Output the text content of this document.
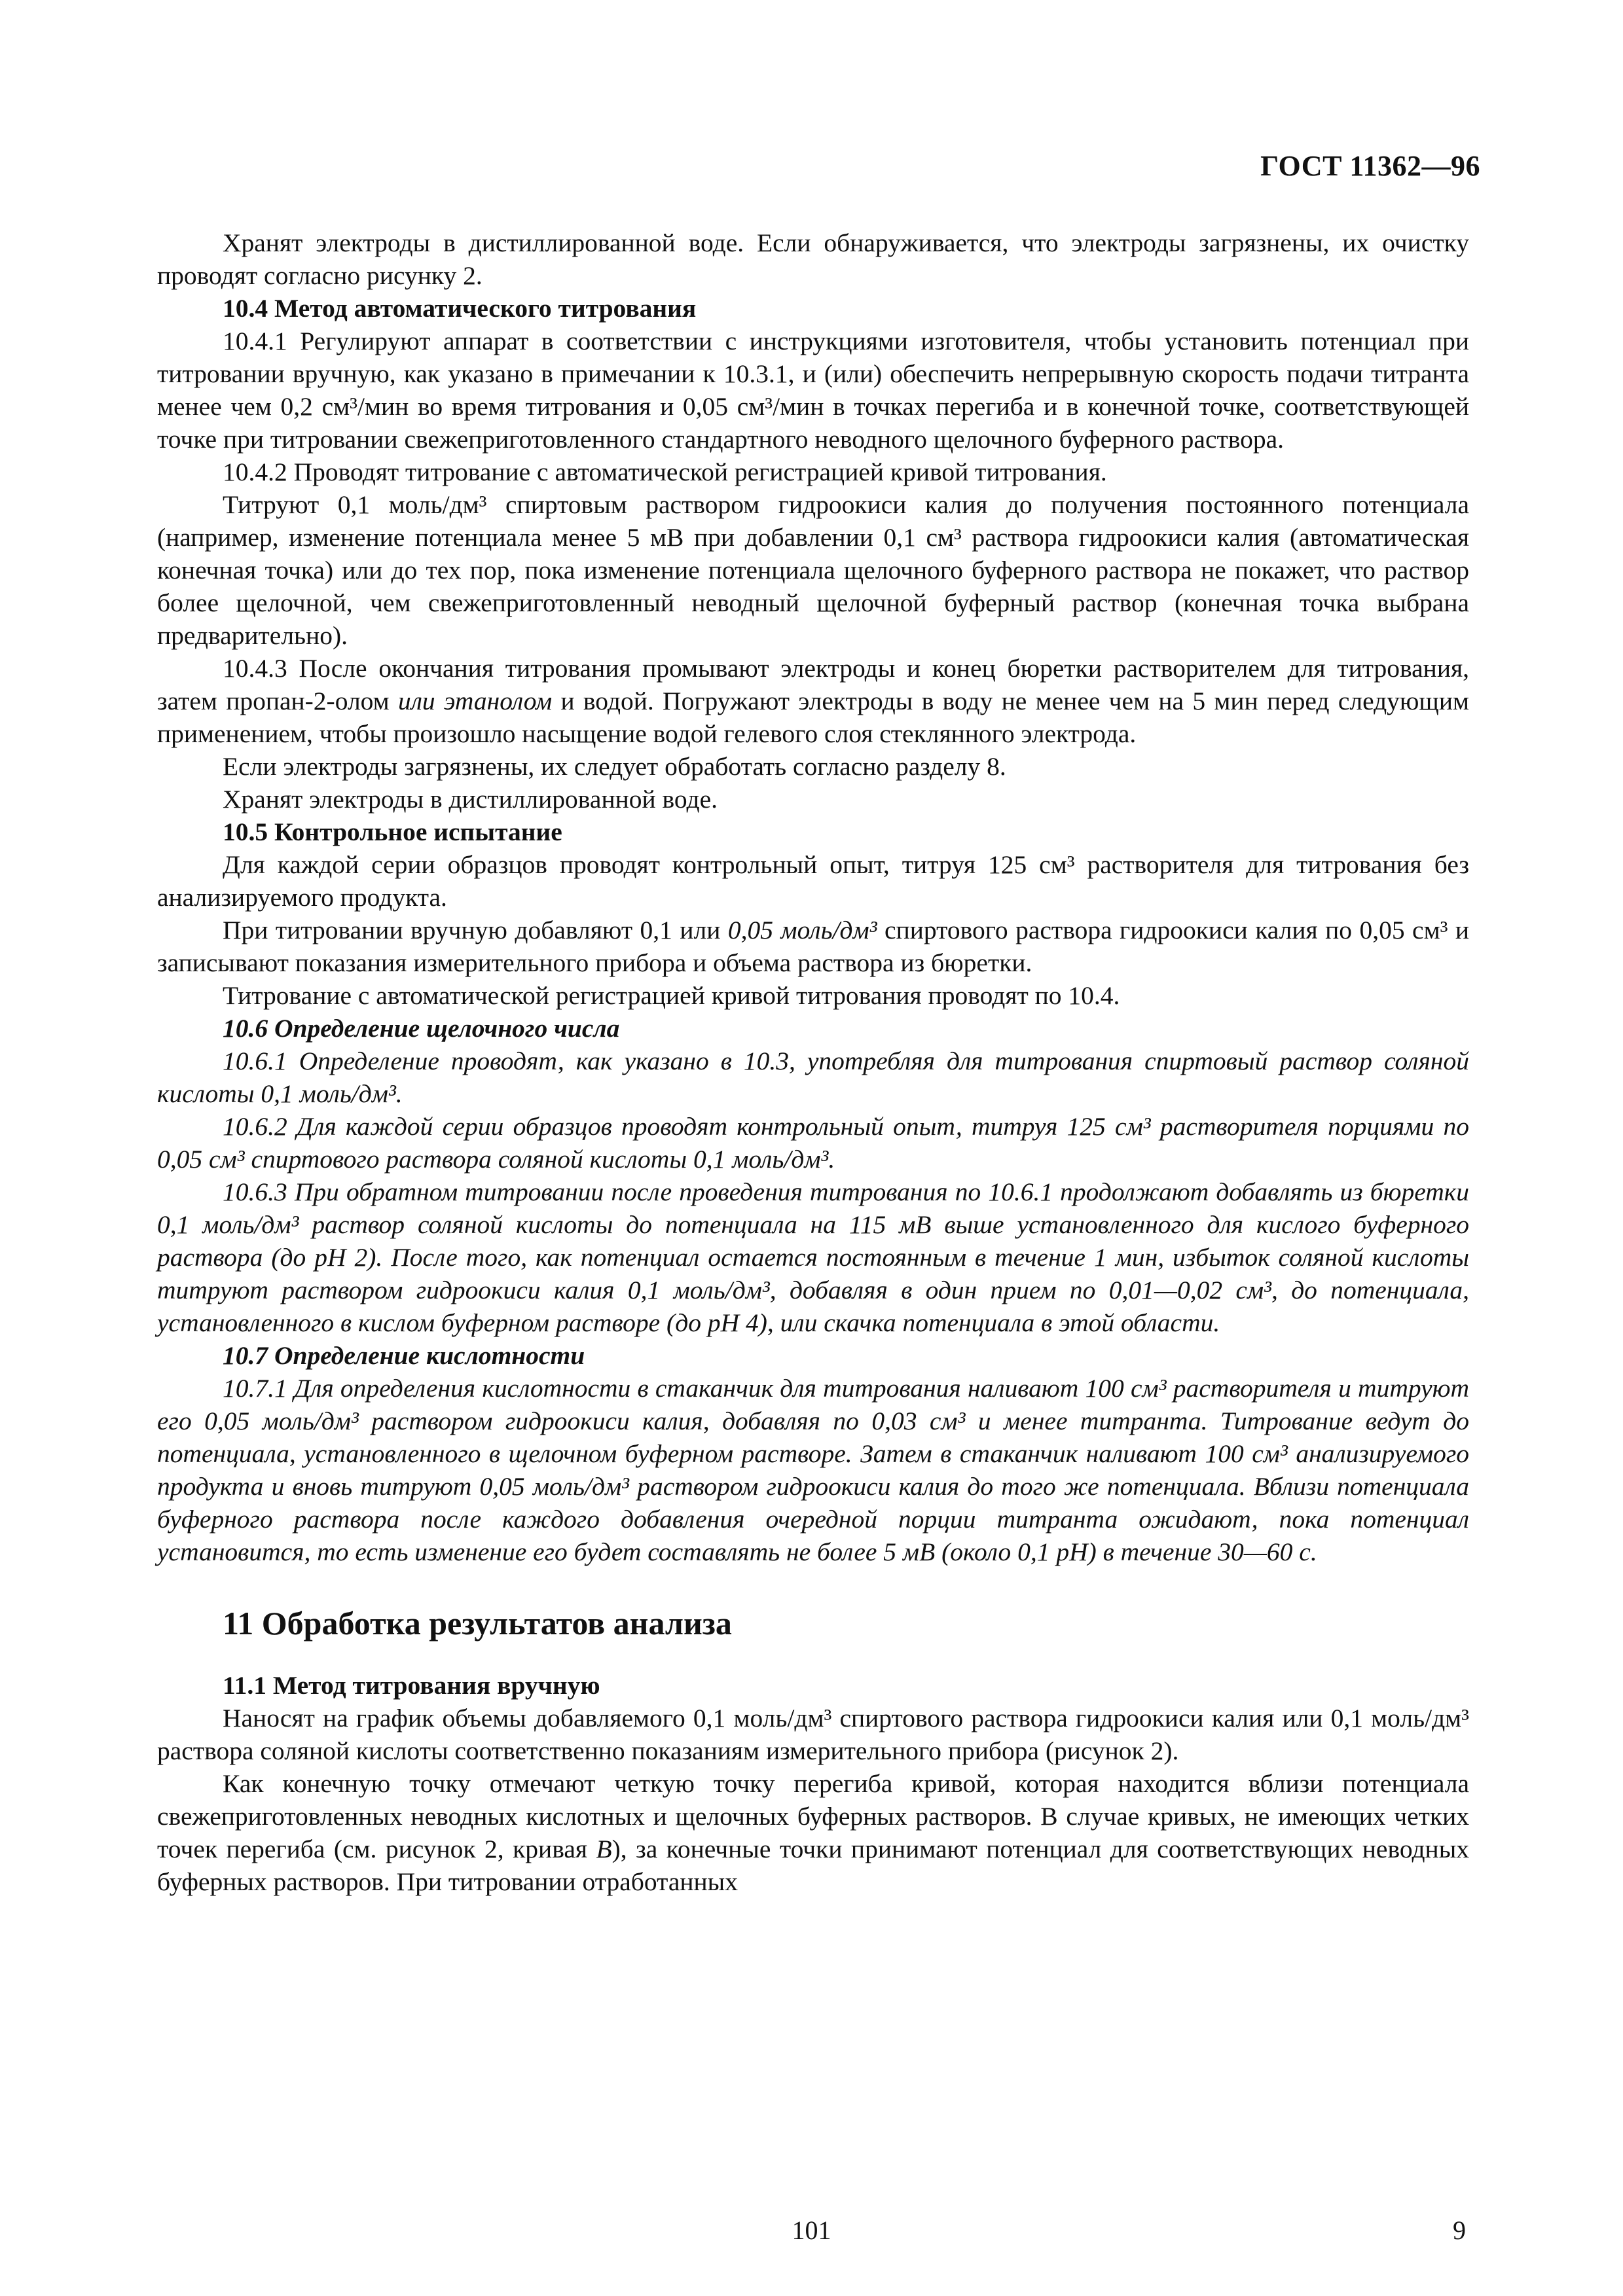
ГОСТ 11362—96

Хранят электроды в дистиллированной воде. Если обнаруживается, что электроды загрязнены, их очистку проводят согласно рисунку 2.

10.4 Метод автоматического титрования

10.4.1 Регулируют аппарат в соответствии с инструкциями изготовителя, чтобы установить потенциал при титровании вручную, как указано в примечании к 10.3.1, и (или) обеспечить непрерывную скорость подачи титранта менее чем 0,2 см³/мин во время титрования и 0,05 см³/мин в точках перегиба и в конечной точке, соответствующей точке при титровании свежеприготовленного стандартного неводного щелочного буферного раствора.

10.4.2 Проводят титрование с автоматической регистрацией кривой титрования.

Титруют 0,1 моль/дм³ спиртовым раствором гидроокиси калия до получения постоянного потенциала (например, изменение потенциала менее 5 мВ при добавлении 0,1 см³ раствора гидроокиси калия (автоматическая конечная точка) или до тех пор, пока изменение потенциала щелочного буферного раствора не покажет, что раствор более щелочной, чем свежеприготовленный неводный щелочной буферный раствор (конечная точка выбрана предварительно).

10.4.3 После окончания титрования промывают электроды и конец бюретки растворителем для титрования, затем пропан-2-олом или этанолом и водой. Погружают электроды в воду не менее чем на 5 мин перед следующим применением, чтобы произошло насыщение водой гелевого слоя стеклянного электрода.

Если электроды загрязнены, их следует обработать согласно разделу 8.

Хранят электроды в дистиллированной воде.

10.5 Контрольное испытание

Для каждой серии образцов проводят контрольный опыт, титруя 125 см³ растворителя для титрования без анализируемого продукта.

При титровании вручную добавляют 0,1 или 0,05 моль/дм³ спиртового раствора гидроокиси калия по 0,05 см³ и записывают показания измерительного прибора и объема раствора из бюретки.

Титрование с автоматической регистрацией кривой титрования проводят по 10.4.

10.6 Определение щелочного числа

10.6.1 Определение проводят, как указано в 10.3, употребляя для титрования спиртовый раствор соляной кислоты 0,1 моль/дм³.

10.6.2 Для каждой серии образцов проводят контрольный опыт, титруя 125 см³ растворителя порциями по 0,05 см³ спиртового раствора соляной кислоты 0,1 моль/дм³.

10.6.3 При обратном титровании после проведения титрования по 10.6.1 продолжают добавлять из бюретки 0,1 моль/дм³ раствор соляной кислоты до потенциала на 115 мВ выше установленного для кислого буферного раствора (до рН 2). После того, как потенциал остается постоянным в течение 1 мин, избыток соляной кислоты титруют раствором гидроокиси калия 0,1 моль/дм³, добавляя в один прием по 0,01—0,02 см³, до потенциала, установленного в кислом буферном растворе (до рН 4), или скачка потенциала в этой области.

10.7 Определение кислотности

10.7.1 Для определения кислотности в стаканчик для титрования наливают 100 см³ растворителя и титруют его 0,05 моль/дм³ раствором гидроокиси калия, добавляя по 0,03 см³ и менее титранта. Титрование ведут до потенциала, установленного в щелочном буферном растворе. Затем в стаканчик наливают 100 см³ анализируемого продукта и вновь титруют 0,05 моль/дм³ раствором гидроокиси калия до того же потенциала. Вблизи потенциала буферного раствора после каждого добавления очередной порции титранта ожидают, пока потенциал установится, то есть изменение его будет составлять не более 5 мВ (около 0,1 рН) в течение 30—60 с.

11 Обработка результатов анализа

11.1 Метод титрования вручную

Наносят на график объемы добавляемого 0,1 моль/дм³ спиртового раствора гидроокиси калия или 0,1 моль/дм³ раствора соляной кислоты соответственно показаниям измерительного прибора (рисунок 2).

Как конечную точку отмечают четкую точку перегиба кривой, которая находится вблизи потенциала свежеприготовленных неводных кислотных и щелочных буферных растворов. В случае кривых, не имеющих четких точек перегиба (см. рисунок 2, кривая В), за конечные точки принимают потенциал для соответствующих неводных буферных растворов. При титровании отработанных

101	9
